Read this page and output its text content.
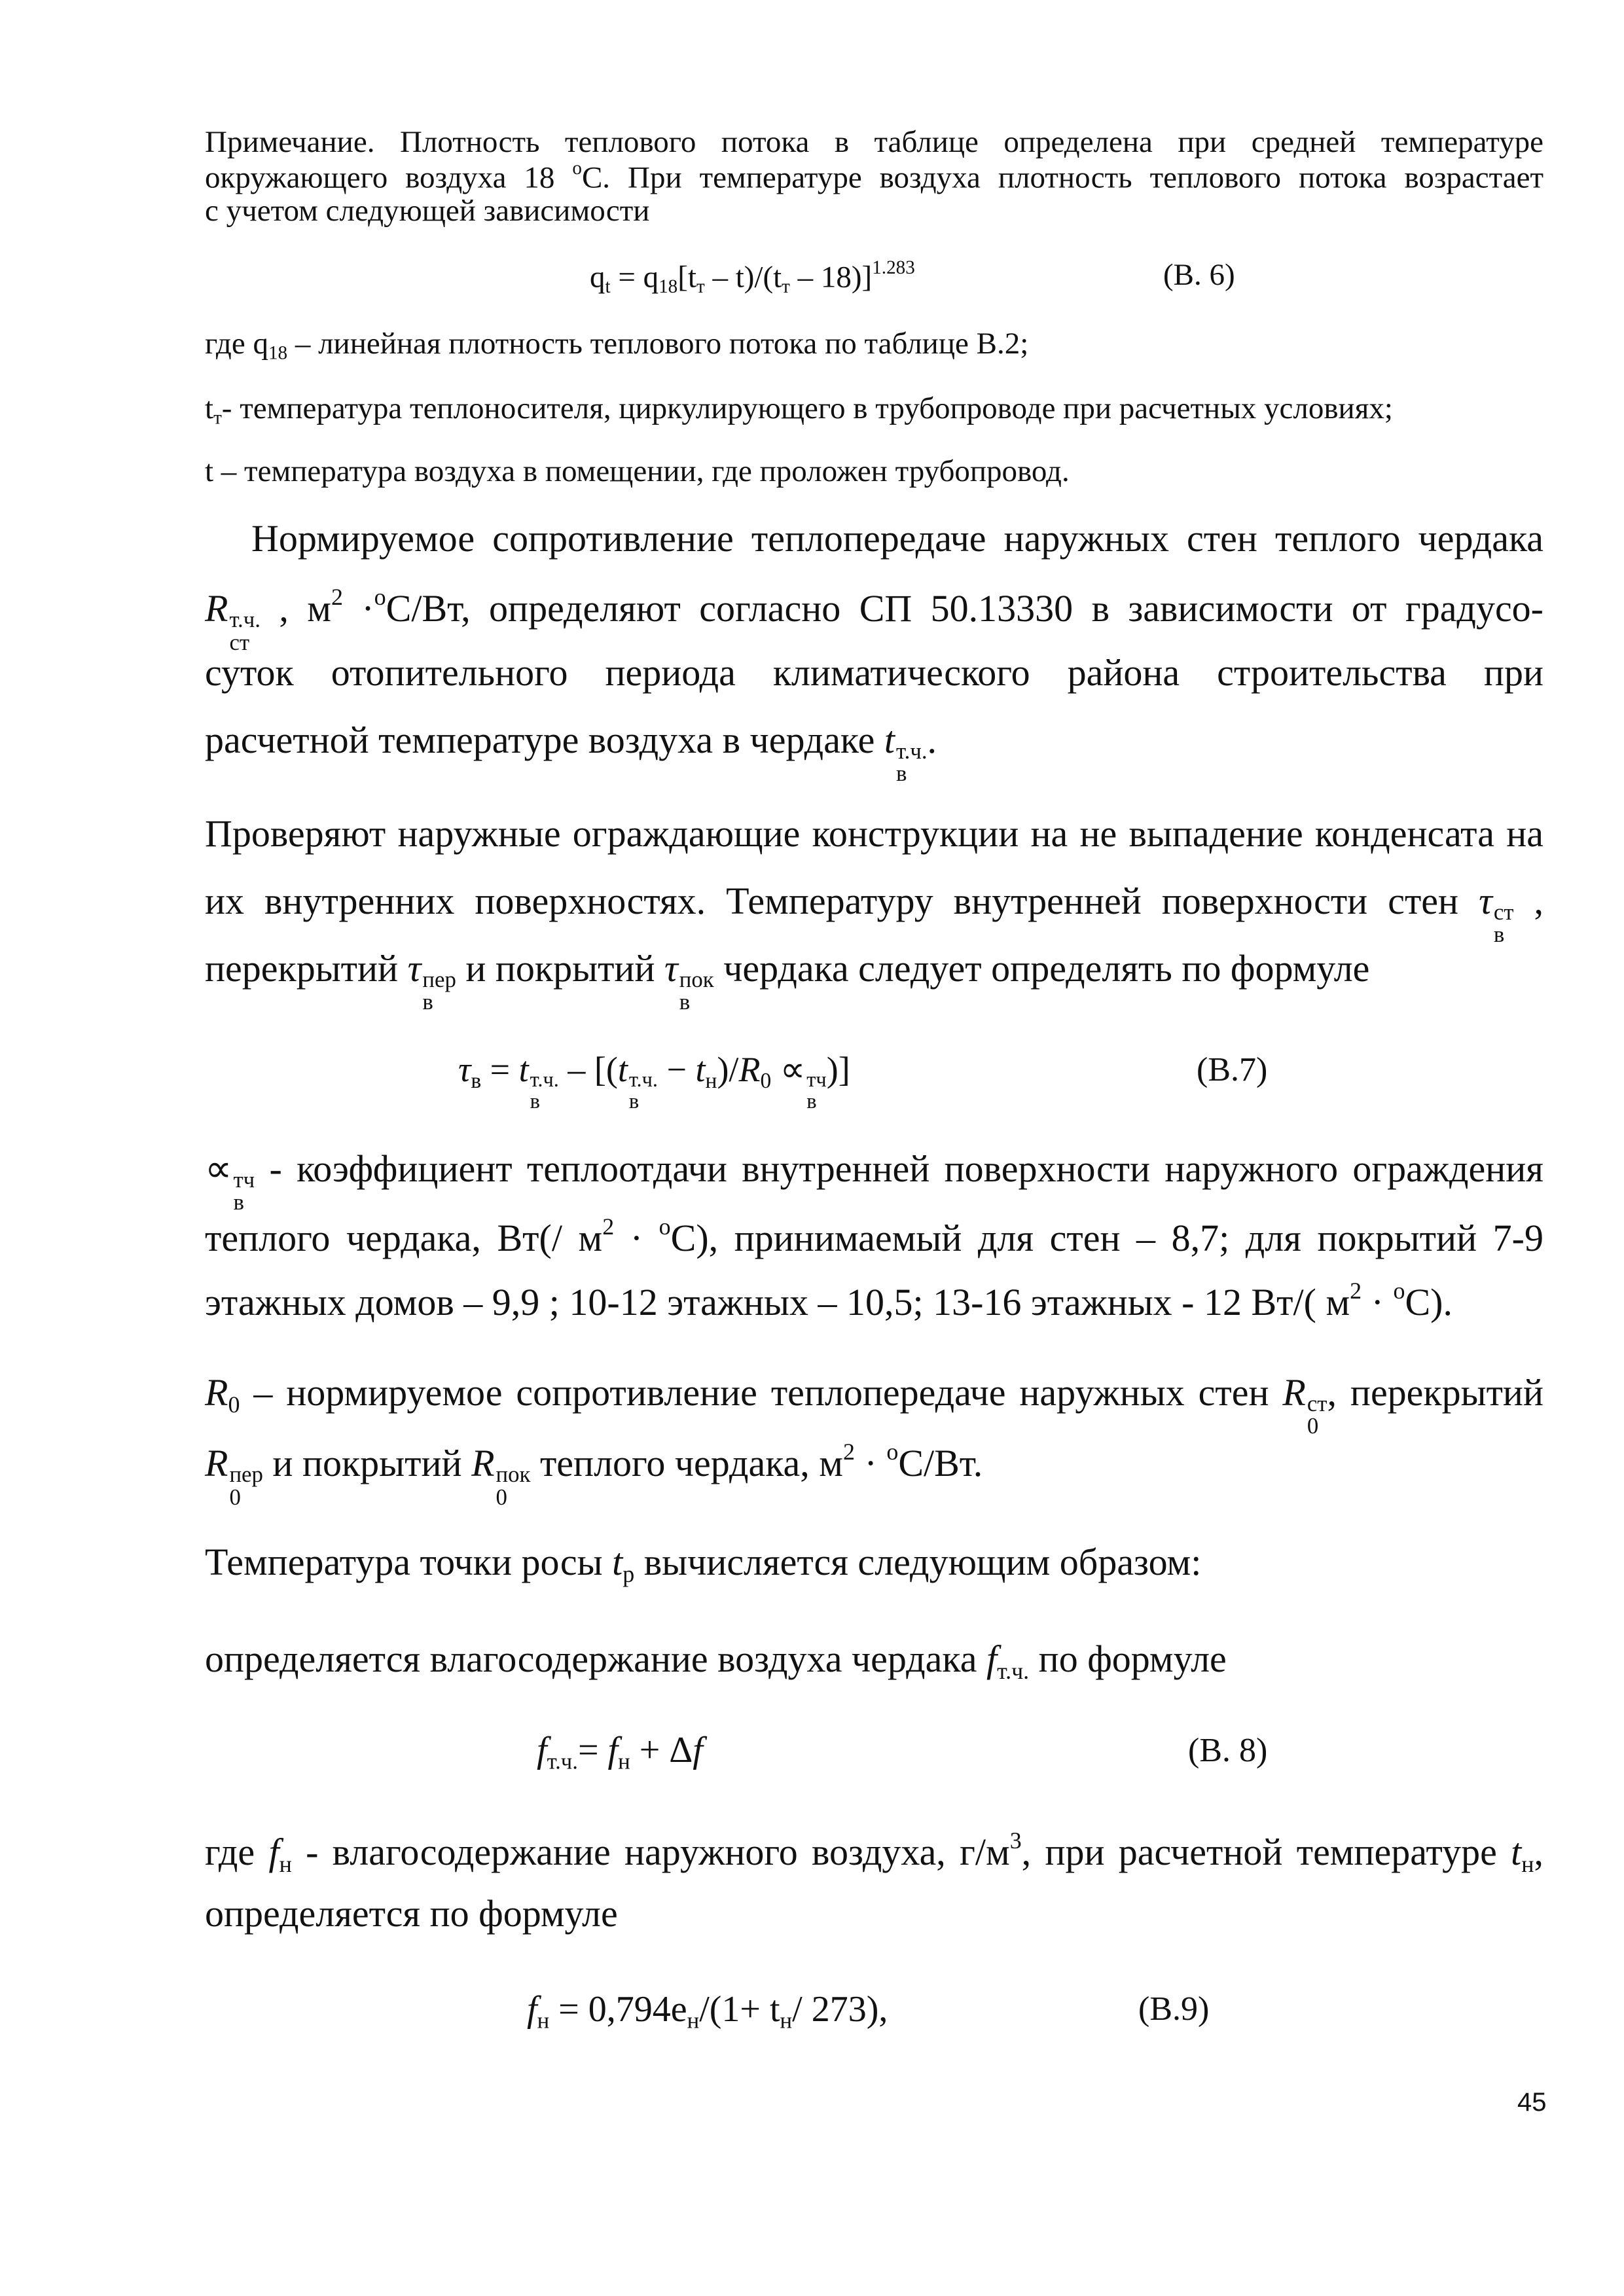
Примечание. Плотность теплового потока в таблице определена при средней температуре
окружающего воздуха 18 $^o$C. При температуре воздуха плотность теплового потока возрастает
с учетом следующей зависимости
$q_t = q_{18}[t_т - t)/(t_т - 18)]^{1.283}$	(В. 6)
где $q_{18}$ – линейная плотность теплового потока по таблице В.2;
$t_т-$ температура теплоносителя, циркулирующего в трубопроводе при расчетных условиях;
t – температура воздуха в помещении, где проложен трубопровод.
Нормируемое сопротивление теплопередаче наружных стен теплого чердака
R т.ч.
ст
, $м^2 \cdot^oC/Вт$, определяют согласно СП 50.13330 в зависимости от градусо-
суток отопительного периода климатического района строительства при
расчетной температуре воздуха в чердаке t т.ч.
в
.
Проверяют наружные ограждающие конструкции на не выпадение конденсата на
их внутренних поверхностях. Температуру внутренней поверхности стен τ ст
в
,
перекрытий τ пер
в
и покрытий τ пок
в
чердака следует определять по формуле
$\tau_в = t$ т.ч.
в
– [(t т.ч.
в
− $t_н)/R_0$ ∝ тч
в
)]	(В.7)
∝ тч
в
- коэффициент теплоотдачи внутренней поверхности наружного ограждения
теплого чердака, Вт(/ $м^2 \cdot ^oC$), принимаемый для стен – 8,7; для покрытий 7-9
этажных домов – 9,9 ; 10-12 этажных – 10,5; 13-16 этажных - 12 Вт/( $м^2 \cdot ^oC$).
$R_0$ – нормируемое сопротивление теплопередаче наружных стен R ст
0
, перекрытий
R пер
0
и покрытий R пок
0
теплого чердака, $м^2 \cdot ^oC/Вт$.
Температура точки росы $t_р$ вычисляется следующим образом:
определяется влагосодержание воздуха чердака $f_{т.ч.}$ по формуле
$f_{т.ч.}= f_н + \Delta f$	(В. 8)
где $f_н$ - влагосодержание наружного воздуха, $г/м^3$, при расчетной температуре $t_н$,
определяется по формуле
$f_н = 0,794e_н/(1+ t_н/$ 273),	(В.9)
45
